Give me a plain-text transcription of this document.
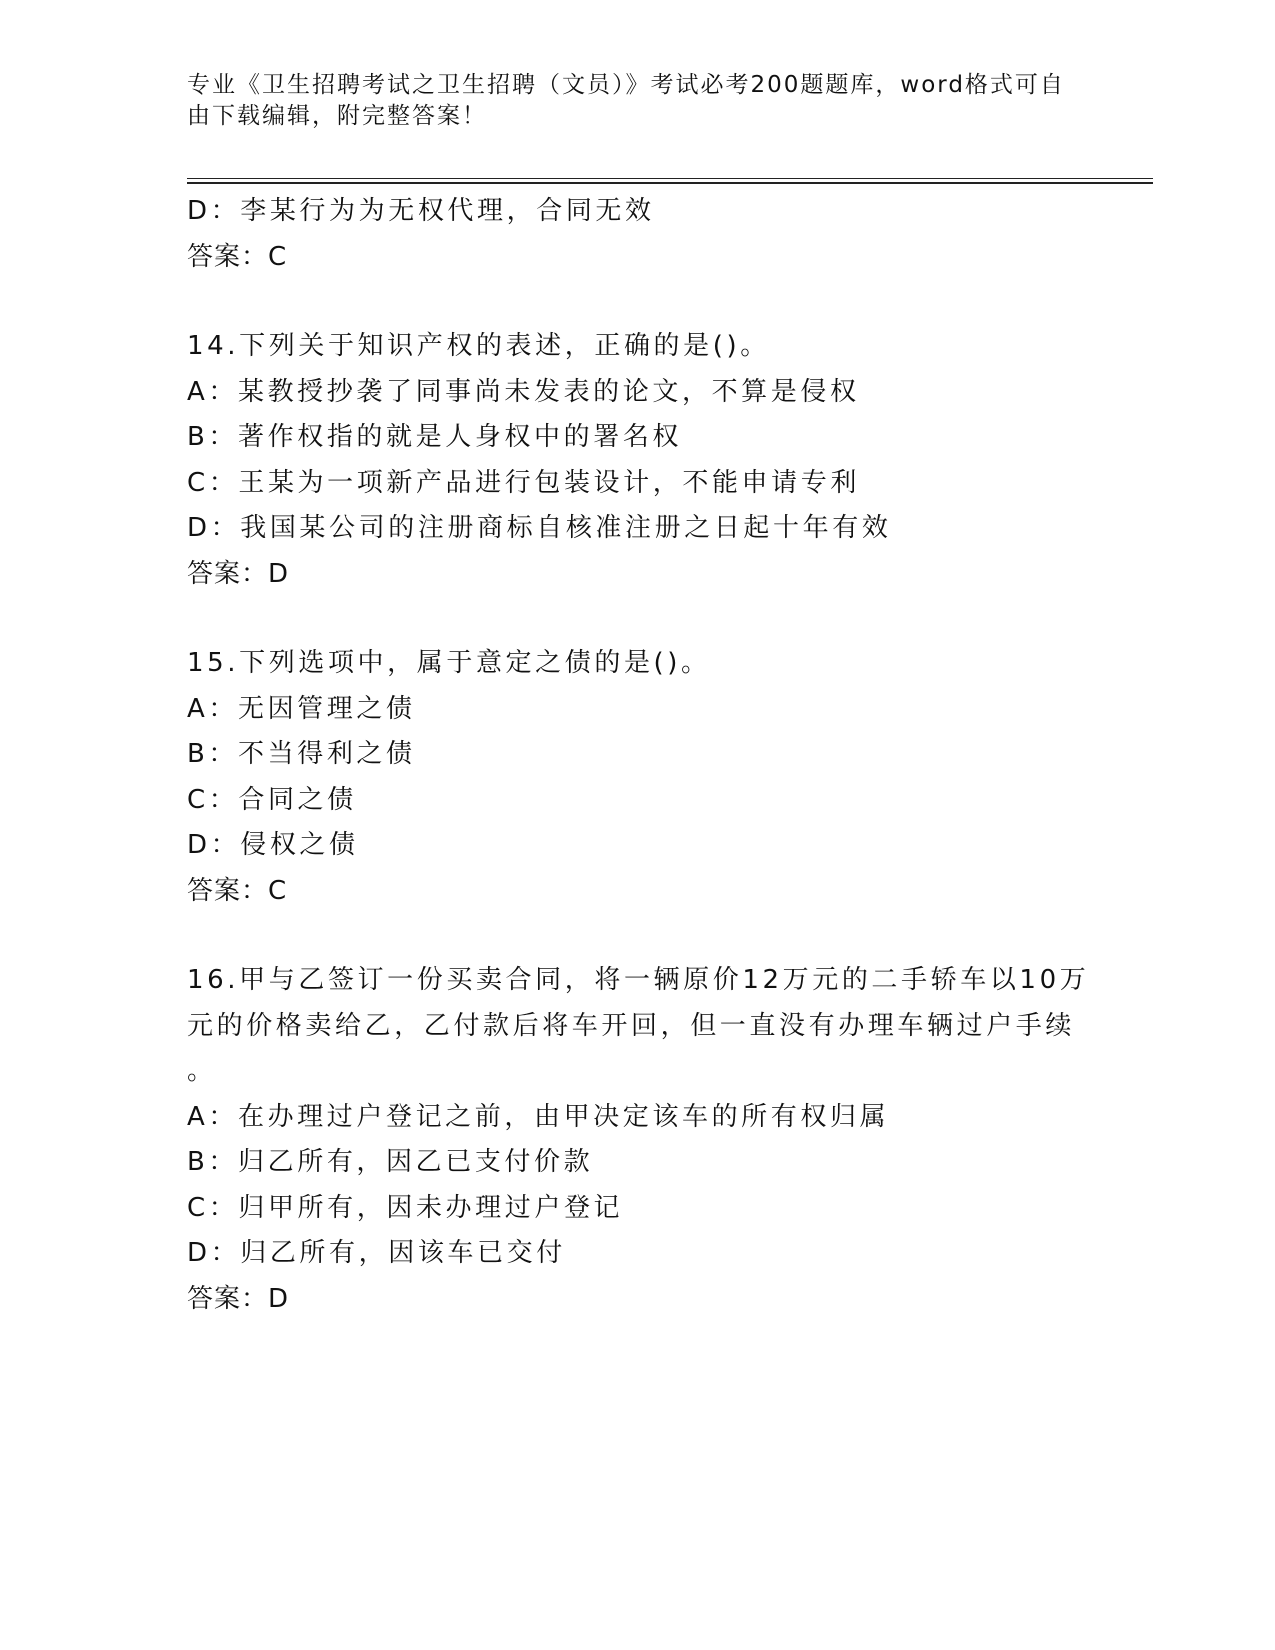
专业《卫生招聘考试之卫生招聘（文员）》考试必考200题题库，word格式可自
由下载编辑，附完整答案！
D：李某行为为无权代理，合同无效
答案：C
14.下列关于知识产权的表述，正确的是()。
A：某教授抄袭了同事尚未发表的论文，不算是侵权
B：著作权指的就是人身权中的署名权
C：王某为一项新产品进行包装设计，不能申请专利
D：我国某公司的注册商标自核准注册之日起十年有效
答案：D
15.下列选项中，属于意定之债的是()。
A：无因管理之债
B：不当得利之债
C：合同之债
D：侵权之债
答案：C
16.甲与乙签订一份买卖合同，将一辆原价12万元的二手轿车以10万
元的价格卖给乙，乙付款后将车开回，但一直没有办理车辆过户手续
。
A：在办理过户登记之前，由甲决定该车的所有权归属
B：归乙所有，因乙已支付价款
C：归甲所有，因未办理过户登记
D：归乙所有，因该车已交付
答案：D
